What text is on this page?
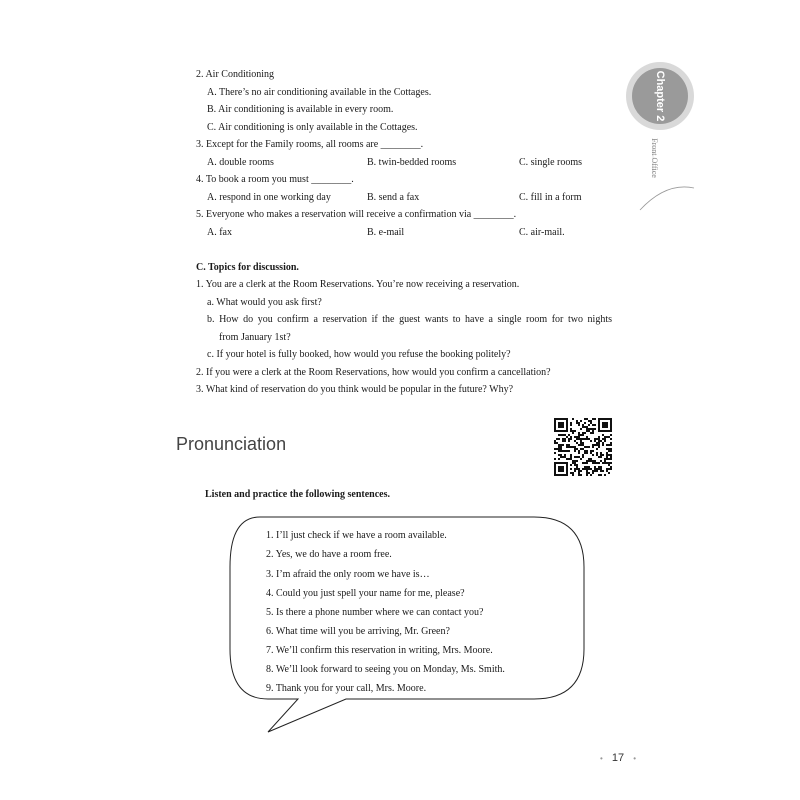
Chapter 2
Front Office
2. Air Conditioning
A. There’s no air conditioning available in the Cottages.
B. Air conditioning is available in every room.
C. Air conditioning is only available in the Cottages.
3. Except for the Family rooms, all rooms are ________.
A. double rooms	B. twin-bedded rooms	C. single rooms
4. To book a room you must ________.
A. respond in one working day	B. send a fax	C. fill in a form
5. Everyone who makes a reservation will receive a confirmation via ________.
A. fax	B. e-mail	C. air-mail.
C. Topics for discussion.
1. You are a clerk at the Room Reservations. You’re now receiving a reservation.
a. What would you ask first?
b. How do you confirm a reservation if the guest wants to have a single room for two nights
from January 1st?
c. If your hotel is fully booked, how would you refuse the booking politely?
2. If you were a clerk at the Room Reservations, how would you confirm a cancellation?
3. What kind of reservation do you think would be popular in the future? Why?
Pronunciation
Listen and practice the following sentences.
1. I’ll just check if we have a room available.
2. Yes, we do have a room free.
3. I’m afraid the only room we have is…
4. Could you just spell your name for me, please?
5. Is there a phone number where we can contact you?
6. What time will you be arriving, Mr. Green?
7. We’ll confirm this reservation in writing, Mrs. Moore.
8. We’ll look forward to seeing you on Monday, Ms. Smith.
9. Thank you for your call, Mrs. Moore.
• 17 •
